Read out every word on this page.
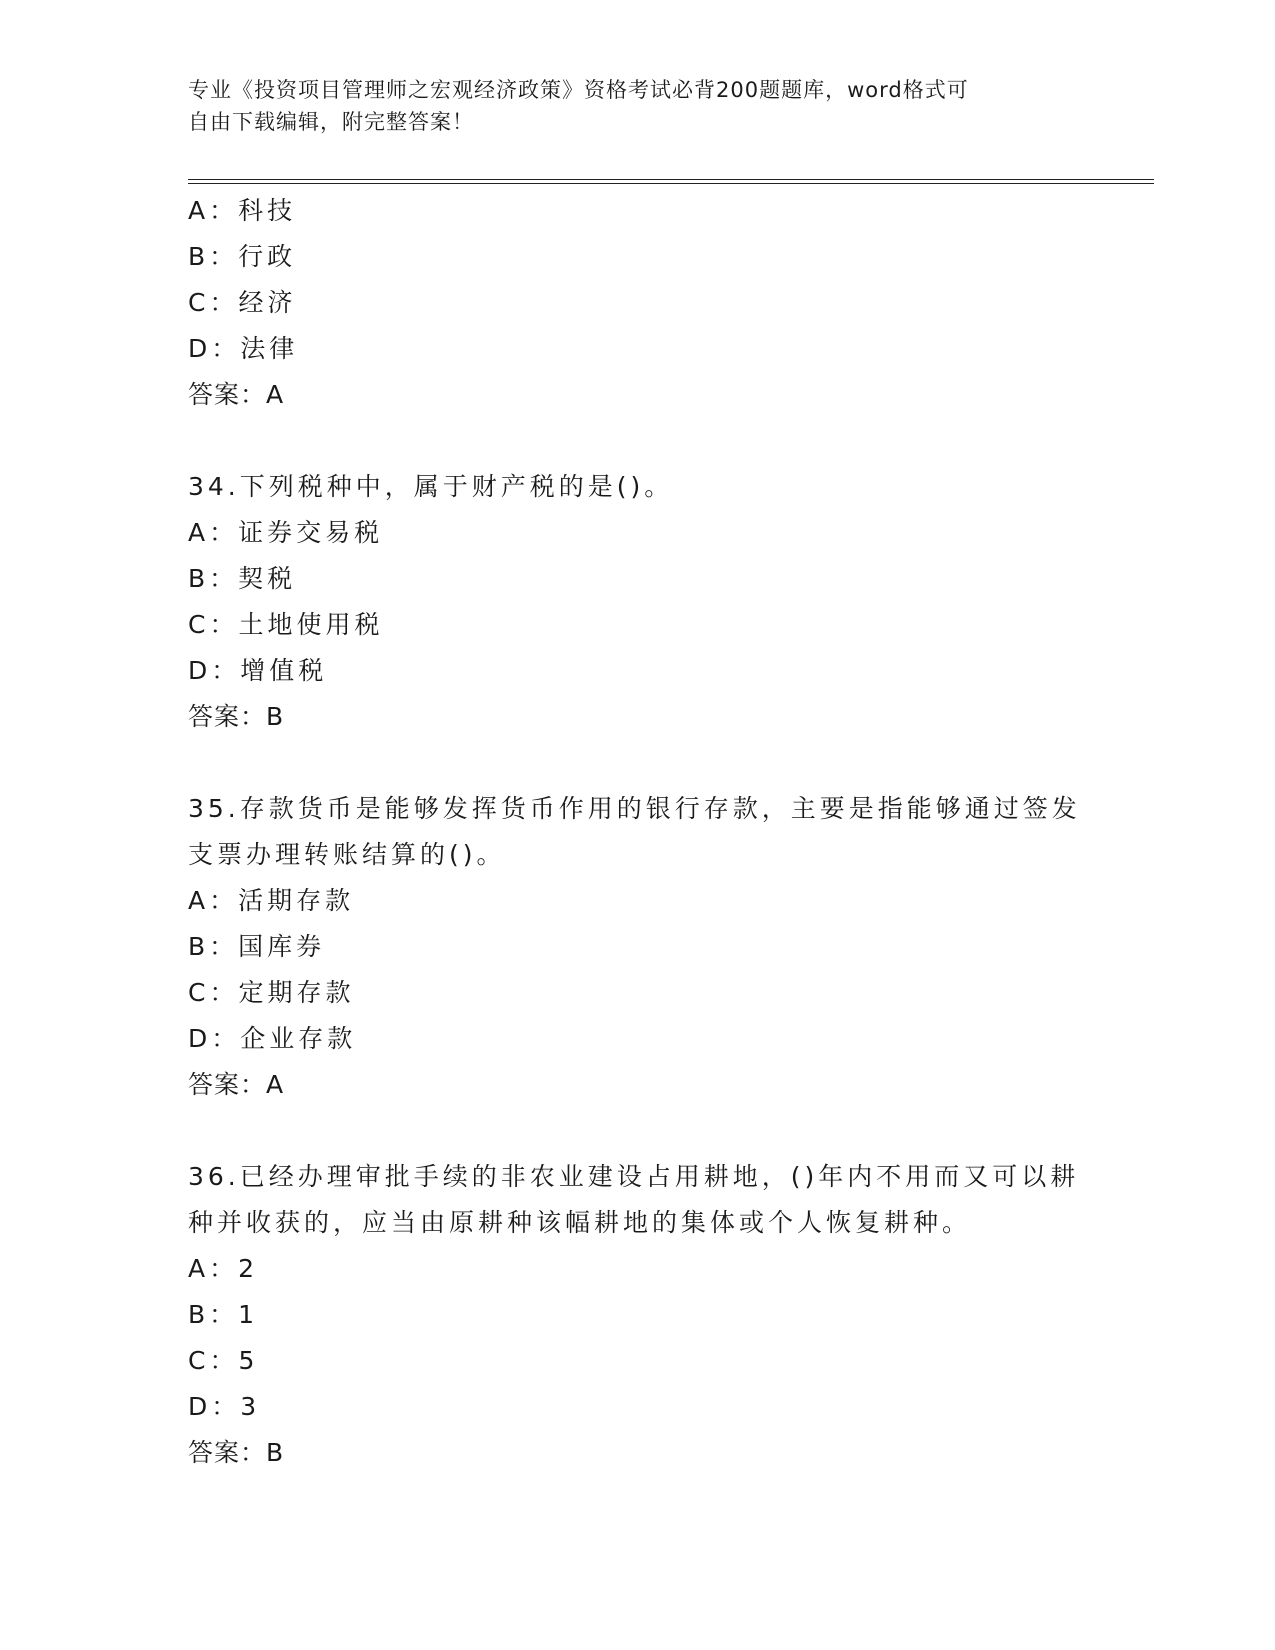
专业《投资项目管理师之宏观经济政策》资格考试必背200题题库，word格式可
自由下载编辑，附完整答案！
A：科技
B：行政
C：经济
D：法律
答案：A
34.下列税种中，属于财产税的是()。
A：证券交易税
B：契税
C：土地使用税
D：增值税
答案：B
35.存款货币是能够发挥货币作用的银行存款，主要是指能够通过签发
支票办理转账结算的()。
A：活期存款
B：国库券
C：定期存款
D：企业存款
答案：A
36.已经办理审批手续的非农业建设占用耕地，()年内不用而又可以耕
种并收获的，应当由原耕种该幅耕地的集体或个人恢复耕种。
A：2
B：1
C：5
D：3
答案：B
